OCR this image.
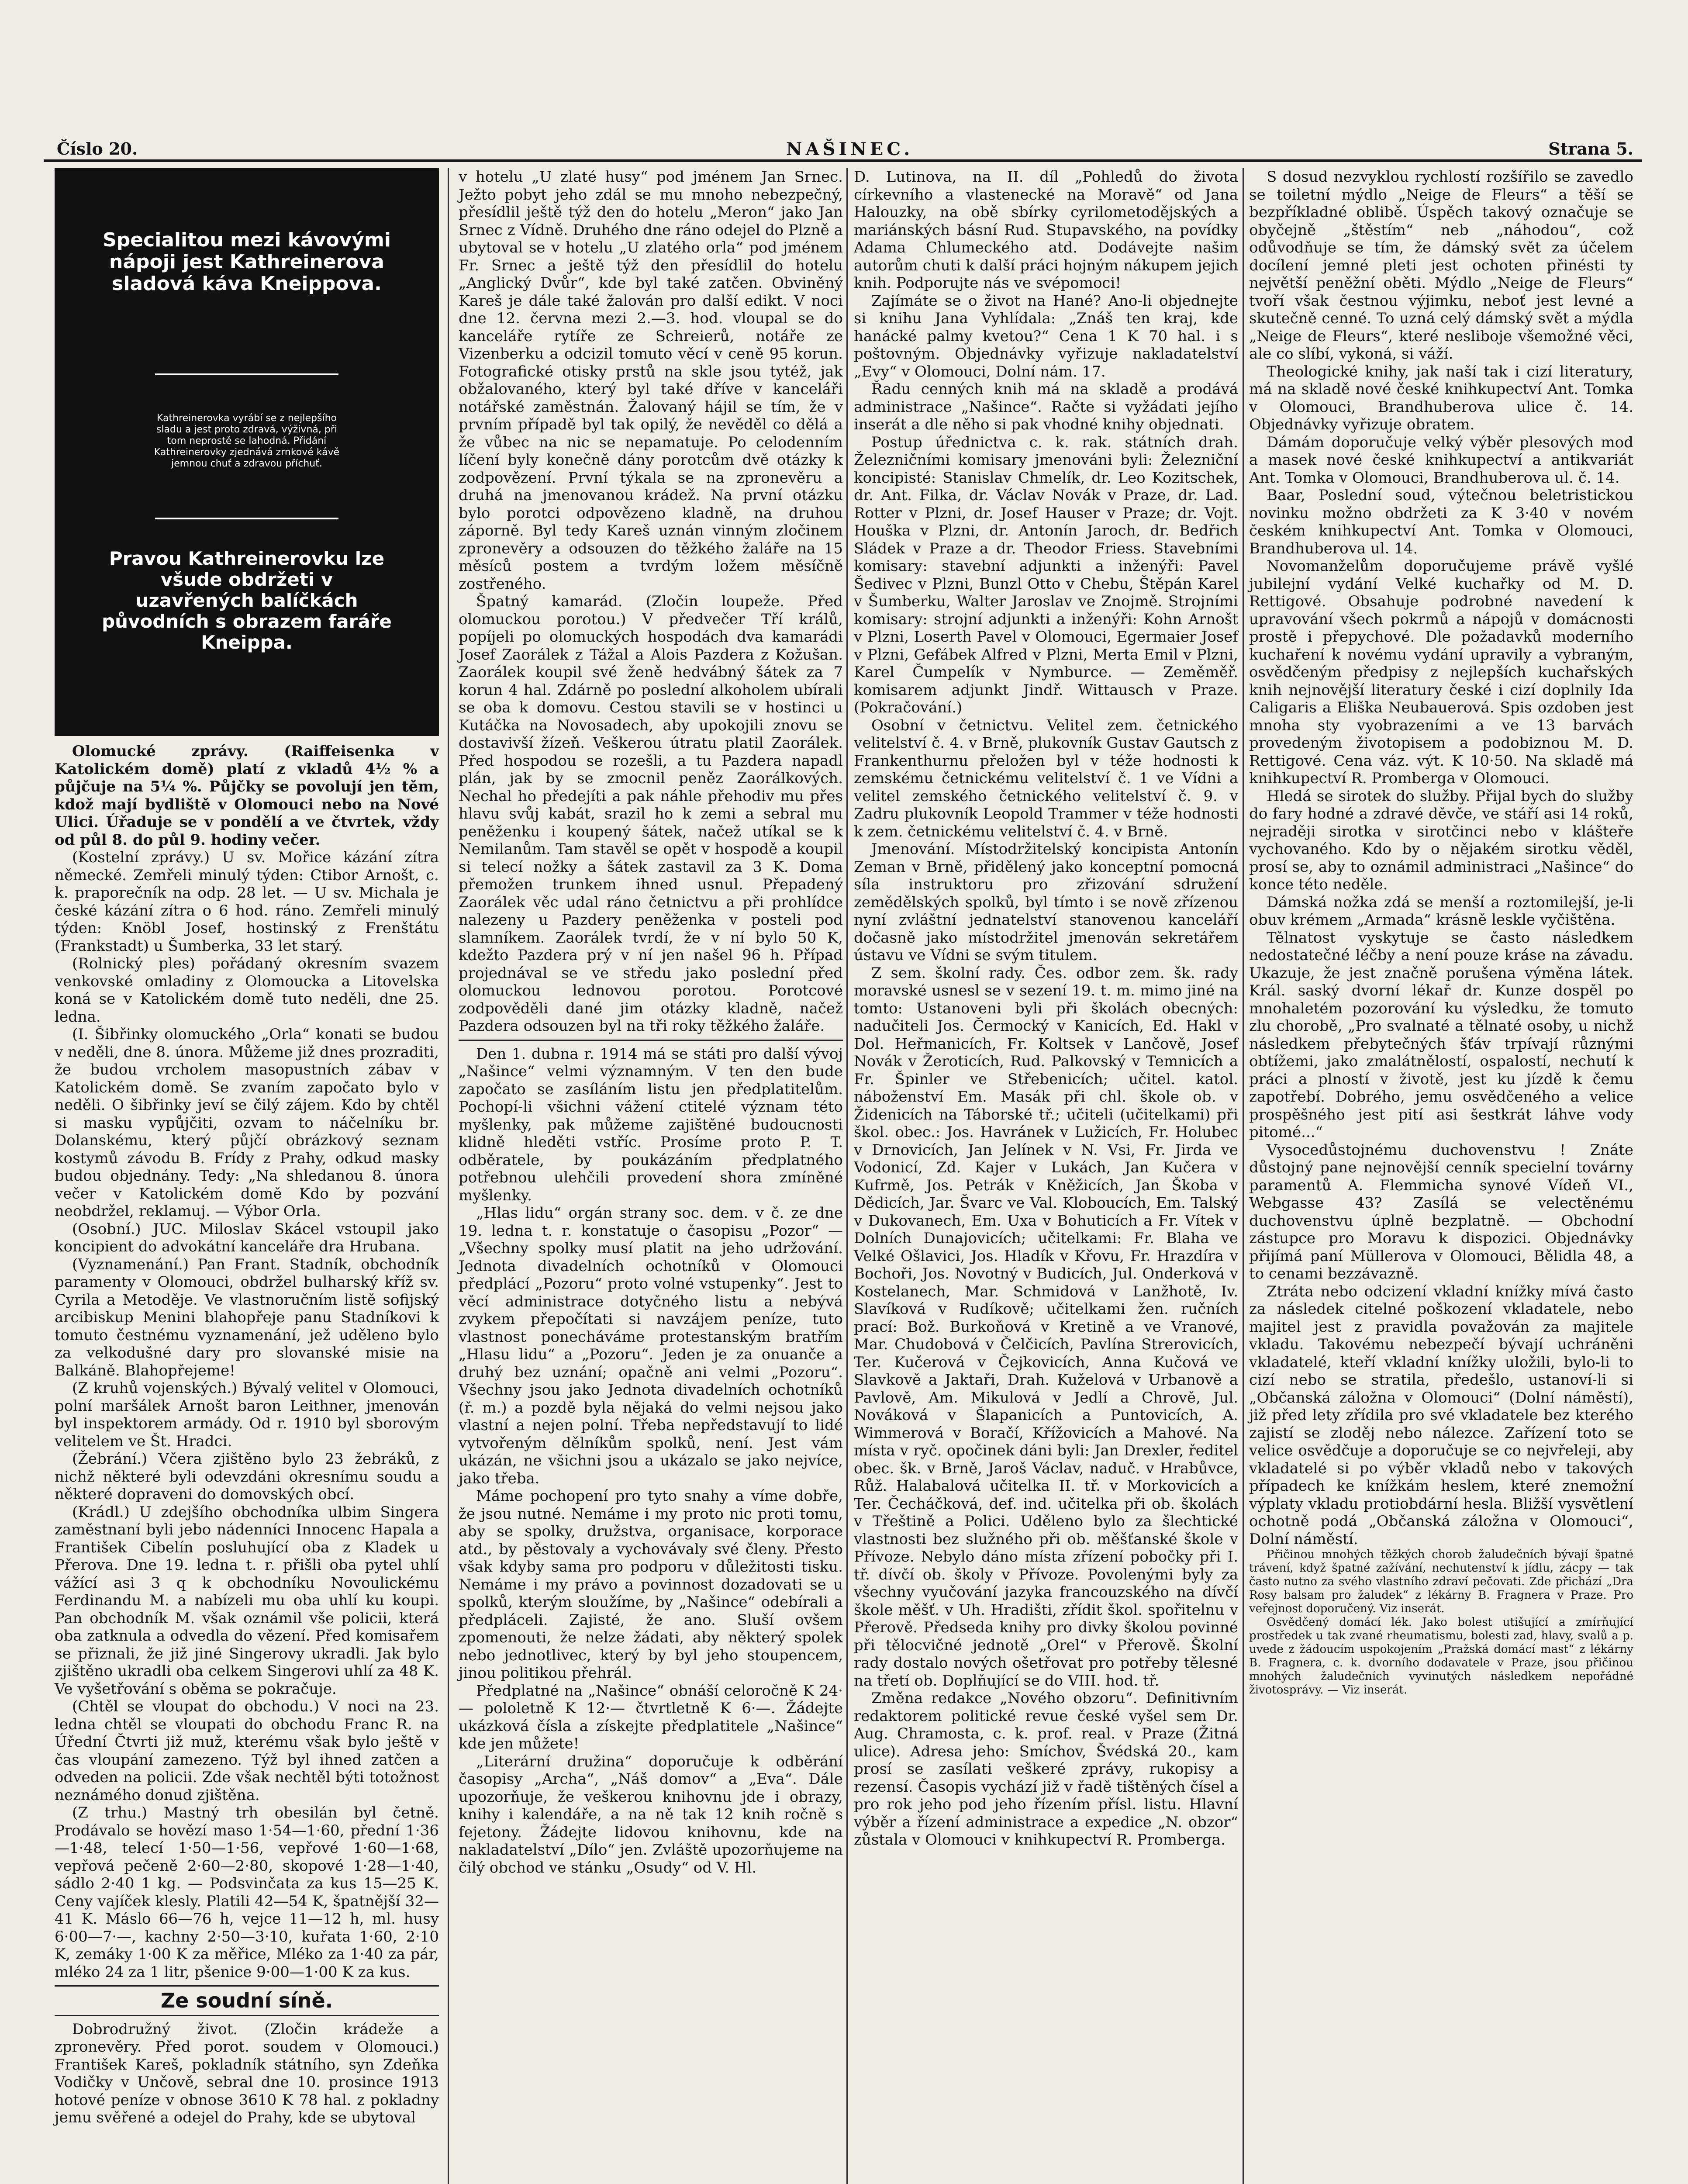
Číslo 20.	NAŠINEC.	Strana 5.
Specialitou mezi kávovými nápoji jest Kathreinerova sladová káva Kneippova.
Kathreinerovka vyrábí se z nejlepšího sladu a jest proto zdravá, výživná, při tom neprostě se lahodná. Přidání Kathreinerovky zjednává zrnkové kávě jemnou chuť a zdravou příchuť.
Pravou Kathreinerovku lze všude obdržeti v uzavřených balíčkách původních s obrazem faráře Kneippa.

Olomucké zprávy. (Raiffeisenka v Katolickém domě) platí z vkladů 4½ % a půjčuje na 5¼ %. Půjčky se povolují jen těm, kdož mají bydliště v Olomouci nebo na Nové Ulici. Úřaduje se v pondělí a ve čtvrtek, vždy od půl 8. do půl 9. hodiny večer.

(Kostelní zprávy.) U sv. Mořice kázání zítra německé. Zemřeli minulý týden: Ctibor Arnošt, c. k. praporečník na odp. 28 let. — U sv. Michala je české kázání zítra o 6 hod. ráno. Zemřeli minulý týden: Knöbl Josef, hostinský z Frenštátu (Frankstadt) u Šumberka, 33 let starý.

(Rolnický ples) pořádaný okresním svazem venkovské omladiny z Olomoucka a Litovelska koná se v Katolickém domě tuto neděli, dne 25. ledna.

(I. Šibřinky olomuckého „Orla“ konati se budou v neděli, dne 8. února. Můžeme již dnes prozraditi, že budou vrcholem masopustních zábav v Katolickém domě. Se zvaním započato bylo v neděli. O šibřinky jeví se čilý zájem. Kdo by chtěl si masku vypůjčiti, ozvam to náčelníku br. Dolanskému, který půjčí obrázkový seznam kostymů závodu B. Frídy z Prahy, odkud masky budou objednány. Tedy: „Na shledanou 8. února večer v Katolickém domě Kdo by pozvání neobdržel, reklamuj. — Výbor Orla.

(Osobní.) JUC. Miloslav Skácel vstoupil jako koncipient do advokátní kanceláře dra Hrubana.

(Vyznamenání.) Pan Frant. Stadník, obchodník paramenty v Olomouci, obdržel bulharský kříž sv. Cyrila a Metoděje. Ve vlastnoručním listě sofijský arcibiskup Menini blahopřeje panu Stadníkovi k tomuto čestnému vyznamenání, jež uděleno bylo za velkodušné dary pro slovanské misie na Balkáně. Blahopřejeme!

(Z kruhů vojenských.) Bývalý velitel v Olomouci, polní maršálek Arnošt baron Leithner, jmenován byl inspektorem armády. Od r. 1910 byl sborovým velitelem ve Št. Hradci.

(Žebrání.) Včera zjištěno bylo 23 žebráků, z nichž některé byli odevzdáni okresnímu soudu a některé dopraveni do domovských obcí.

(Krádl.) U zdejšího obchodníka ulbim Singera zaměstnaní byli jebo nádenníci Innocenc Hapala a František Cibelín posluhující oba z Kladek u Přerova. Dne 19. ledna t. r. přišli oba pytel uhlí vážící asi 3 q k obchodníku Novoulickému Ferdinandu M. a nabízeli mu oba uhlí ku koupi. Pan obchodník M. však oznámil vše policii, která oba zatknula a odvedla do vězení. Před komisařem se přiznali, že již jiné Singerovy ukradli. Jak bylo zjištěno ukradli oba celkem Singerovi uhlí za 48 K. Ve vyšetřování s oběma se pokračuje.

(Chtěl se vloupat do obchodu.) V noci na 23. ledna chtěl se vloupati do obchodu Franc R. na Úřední Čtvrti již muž, kterému však bylo ještě v čas vloupání zamezeno. Týž byl ihned zatčen a odveden na policii. Zde však nechtěl býti totožnost neznámého donud zjištěna.

(Z trhu.) Mastný trh obesilán byl četně. Prodávalo se hovězí maso 1·54—1·60, přední 1·36—1·48, telecí 1·50—1·56, vepřové 1·60—1·68, vepřová pečeně 2·60—2·80, skopové 1·28—1·40, sádlo 2·40 1 kg. — Podsvinčata za kus 15—25 K. Ceny vajíček klesly. Platili 42—54 K, špatnější 32—41 K. Máslo 66—76 h, vejce 11—12 h, ml. husy 6·00—7·—, kachny 2·50—3·10, kuřata 1·60, 2·10 K, zemáky 1·00 K za měřice, Mléko za 1·40 za pár, mléko 24 za 1 litr, pšenice 9·00—1·00 K za kus.

Ze soudní síně.

Dobrodružný život. (Zločin krádeže a zpronevěry. Před porot. soudem v Olomouci.) František Kareš, pokladník státního, syn Zdeňka Vodičky v Unčově, sebral dne 10. prosince 1913 hotové peníze v obnose 3610 K 78 hal. z pokladny jemu svěřené a odejel do Prahy, kde se ubytoval

v hotelu „U zlaté husy“ pod jménem Jan Srnec. Ježto pobyt jeho zdál se mu mnoho nebezpečný, přesídlil ještě týž den do hotelu „Meron“ jako Jan Srnec z Vídně. Druhého dne ráno odejel do Plzně a ubytoval se v hotelu „U zlatého orla“ pod jménem Fr. Srnec a ještě týž den přesídlil do hotelu „Anglický Dvůr“, kde byl také zatčen. Obviněný Kareš je dále také žalován pro další edikt. V noci dne 12. června mezi 2.—3. hod. vloupal se do kanceláře rytíře ze Schreierů, notáře ze Vizenberku a odcizil tomuto věcí v ceně 95 korun. Fotografické otisky prstů na skle jsou tytéž, jak obžalovaného, který byl také dříve v kanceláři notářské zaměstnán. Žalovaný hájil se tím, že v prvním případě byl tak opilý, že nevěděl co dělá a že vůbec na nic se nepamatuje. Po celodenním líčení byly konečně dány porotcům dvě otázky k zodpovězení. První týkala se na zpronevěru a druhá na jmenovanou krádež. Na první otázku bylo porotci odpovězeno kladně, na druhou záporně. Byl tedy Kareš uznán vinným zločinem zpronevěry a odsouzen do těžkého žaláře na 15 měsíců postem a tvrdým ložem měsíčně zostřeného.

Špatný kamarád. (Zločin loupeže. Před olomuckou porotou.) V předvečer Tří králů, popíjeli po olomuckých hospodách dva kamarádi Josef Zaorálek z Tážal a Alois Pazdera z Kožušan. Zaorálek koupil své ženě hedvábný šátek za 7 korun 4 hal. Zdárně po poslední alkoholem ubírali se oba k domovu. Cestou stavili se v hostinci u Kutáčka na Novosadech, aby upokojili znovu se dostavivší žízeň. Veškerou útratu platil Zaorálek. Před hospodou se rozešli, a tu Pazdera napadl plán, jak by se zmocnil peněz Zaorálkových. Nechal ho předejíti a pak náhle přehodiv mu přes hlavu svůj kabát, srazil ho k zemi a sebral mu peněženku i koupený šátek, načež utíkal se k Nemilanům. Tam stavěl se opět v hospodě a koupil si telecí nožky a šátek zastavil za 3 K. Doma přemožen trunkem ihned usnul. Přepadený Zaorálek věc udal ráno četnictvu a při prohlídce nalezeny u Pazdery peněženka v posteli pod slamníkem. Zaorálek tvrdí, že v ní bylo 50 K, kdežto Pazdera prý v ní jen našel 96 h. Případ projednával se ve středu jako poslední před olomuckou lednovou porotou. Porotcové zodpověděli dané jim otázky kladně, načež Pazdera odsouzen byl na tři roky těžkého žaláře.

Den 1. dubna r. 1914 má se státi pro další vývoj „Našince“ velmi významným. V ten den bude započato se zasíláním listu jen předplatitelům. Pochopí-li všichni vážení ctitelé význam této myšlenky, pak můžeme zajištěné budoucnosti klidně hleděti vstříc. Prosíme proto P. T. odběratele, by poukázáním předplatného potřebnou ulehčili provedení shora zmíněné myšlenky.

„Hlas lidu“ orgán strany soc. dem. v č. ze dne 19. ledna t. r. konstatuje o časopisu „Pozor“ — „Všechny spolky musí platit na jeho udržování. Jednota divadelních ochotníků v Olomouci předplácí „Pozoru“ proto volné vstupenky“. Jest to věcí administrace dotyčného listu a nebývá zvykem přepočítati si navzájem peníze, tuto vlastnost ponecháváme protestanským bratřím „Hlasu lidu“ a „Pozoru“. Jeden je za onuanče a druhý bez uznání; opačně ani velmi „Pozoru“. Všechny jsou jako Jednota divadelních ochotníků (ř. m.) a pozdě byla nějaká do velmi nejsou jako vlastní a nejen polní. Třeba nepředstavují to lidé vytvořeným dělníkům spolků, není. Jest vám ukázán, ne všichni jsou a ukázalo se jako nejvíce, jako třeba.

Máme pochopení pro tyto snahy a víme dobře, že jsou nutné. Nemáme i my proto nic proti tomu, aby se spolky, družstva, organisace, korporace atd., by pěstovaly a vychovávaly své členy. Přesto však kdyby sama pro podporu v důležitosti tisku. Nemáme i my právo a povinnost dozadovati se u spolků, kterým sloužíme, by „Našince“ odebírali a předpláceli. Zajisté, že ano. Sluší ovšem zpomenouti, že nelze žádati, aby některý spolek nebo jednotlivec, který by byl jeho stoupencem, jinou politikou přehrál.

Předplatné na „Našince“ obnáší celoročně K 24·— pololetně K 12·— čtvrtletně K 6·—. Žádejte ukázková čísla a získejte předplatitele „Našince“ kde jen můžete!

„Literární družina“ doporučuje k odběrání časopisy „Archa“, „Náš domov“ a „Eva“. Dále upozorňuje, že veškerou knihovnu jde i obrazy, knihy i kalendáře, a na ně tak 12 knih ročně s fejetony. Žádejte lidovou knihovnu, kde na nakladatelství „Dílo“ jen. Zvláště upozorňujeme na čilý obchod ve stánku „Osudy“ od V. Hl.

D. Lutinova, na II. díl „Pohledů do života církevního a vlastenecké na Moravě“ od Jana Halouzky, na obě sbírky cyrilometodějských a mariánských básní Rud. Stupavského, na povídky Adama Chlumeckého atd. Dodávejte našim autorům chuti k další práci hojným nákupem jejich knih. Podporujte nás ve svépomoci!

Zajímáte se o život na Hané? Ano-li objednejte si knihu Jana Vyhlídala: „Znáš ten kraj, kde hanácké palmy kvetou?“ Cena 1 K 70 hal. i s poštovným. Objednávky vyřizuje nakladatelství „Evy“ v Olomouci, Dolní nám. 17.

Řadu cenných knih má na skladě a prodává administrace „Našince“. Račte si vyžádati jejího inserát a dle něho si pak vhodné knihy objednati.

Postup úřednictva c. k. rak. státních drah. Železničními komisary jmenováni byli: Železniční koncipisté: Stanislav Chmelík, dr. Leo Kozitschek, dr. Ant. Filka, dr. Václav Novák v Praze, dr. Lad. Rotter v Plzni, dr. Josef Hauser v Praze; dr. Vojt. Houška v Plzni, dr. Antonín Jaroch, dr. Bedřich Sládek v Praze a dr. Theodor Friess. Stavebními komisary: stavební adjunkti a inženýři: Pavel Šedivec v Plzni, Bunzl Otto v Chebu, Štěpán Karel v Šumberku, Walter Jaroslav ve Znojmě. Strojními komisary: strojní adjunkti a inženýři: Kohn Arnošt v Plzni, Loserth Pavel v Olomouci, Egermaier Josef v Plzni, Gefábek Alfred v Plzni, Merta Emil v Plzni, Karel Čumpelík v Nymburce. — Zeměměř. komisarem adjunkt Jindř. Wittausch v Praze. (Pokračování.)

Osobní v četnictvu. Velitel zem. četnického velitelství č. 4. v Brně, plukovník Gustav Gautsch z Frankenthurnu přeložen byl v téže hodnosti k zemskému četnickému velitelství č. 1 ve Vídni a velitel zemského četnického velitelství č. 9. v Zadru plukovník Leopold Trammer v téže hodnosti k zem. četnickému velitelství č. 4. v Brně.

Jmenování. Místodržitelský koncipista Antonín Zeman v Brně, přidělený jako konceptní pomocná síla instruktoru pro zřizování sdružení zemědělských spolků, byl tímto i se nově zřízenou nyní zvláštní jednatelství stanovenou kanceláří dočasně jako místodržitel jmenován sekretářem ústavu ve Vídni se svým titulem.

Z sem. školní rady. Čes. odbor zem. šk. rady moravské usnesl se v sezení 19. t. m. mimo jiné na tomto: Ustanoveni byli při školách obecných: nadučiteli Jos. Čermocký v Kanicích, Ed. Hakl v Dol. Heřmanicích, Fr. Koltsek v Lančově, Josef Novák v Žeroticích, Rud. Palkovský v Temnicích a Fr. Špinler ve Střebenicích; učitel. katol. náboženství Em. Masák při chl. škole ob. v Židenicích na Táborské tř.; učiteli (učitelkami) při škol. obec.: Jos. Havránek v Lužicích, Fr. Holubec v Drnovicích, Jan Jelínek v N. Vsi, Fr. Jirda ve Vodonicí, Zd. Kajer v Lukách, Jan Kučera v Kufrmě, Jos. Petrák v Kněžicích, Jan Škoba v Dědicích, Jar. Švarc ve Val. Kloboucích, Em. Talský v Dukovanech, Em. Uxa v Bohuticích a Fr. Vítek v Dolních Dunajovicích; učitelkami: Fr. Blaha ve Velké Ošlavici, Jos. Hladík v Křovu, Fr. Hrazdíra v Bochoři, Jos. Novotný v Budicích, Jul. Onderková v Kostelanech, Mar. Schmidová v Lanžhotě, Iv. Slavíková v Rudíkově; učitelkami žen. ručních prací: Bož. Burkoňová v Kretině a ve Vranové, Mar. Chudobová v Čelčicích, Pavlína Strerovicích, Ter. Kučerová v Čejkovicích, Anna Kučová ve Slavkově a Jaktaři, Drah. Kuželová v Urbanově a Pavlově, Am. Mikulová v Jedlí a Chrově, Jul. Nováková v Šlapanicích a Puntovicích, A. Wimmerová v Boračí, Křížovicích a Mahové. Na místa v ryč. opočinek dáni byli: Jan Drexler, ředitel obec. šk. v Brně, Jaroš Václav, naduč. v Hrabůvce, Růž. Halabalová učitelka II. tř. v Morkovicích a Ter. Čecháčková, def. ind. učitelka při ob. školách v Třeštině a Polici. Uděleno bylo za šlechtické vlastnosti bez služného při ob. měšťanské škole v Přívoze. Nebylo dáno místa zřízení pobočky při I. tř. dívčí ob. školy v Přívoze. Povolenými byly za všechny vyučování jazyka francouzského na dívčí škole měšť. v Uh. Hradišti, zřídit škol. spořitelnu v Přerově. Předseda knihy pro divky školou povinné při tělocvičné jednotě „Orel“ v Přerově. Školní rady dostalo nových ošetřovat pro potřeby tělesné na třetí ob. Doplňující se do VIII. hod. tř.

Změna redakce „Nového obzoru“. Definitivním redaktorem politické revue české vyšel sem Dr. Aug. Chramosta, c. k. prof. real. v Praze (Žitná ulice). Adresa jeho: Smíchov, Švédská 20., kam prosí se zasílati veškeré zprávy, rukopisy a rezensí. Časopis vychází již v řadě tištěných čísel a pro rok jeho pod jeho řízením přísl. listu. Hlavní výběr a řízení administrace a expedice „N. obzor“ zůstala v Olomouci v knihkupectví R. Promberga.

S dosud nezvyklou rychlostí rozšířilo se zavedlo se toiletní mýdlo „Neige de Fleurs“ a těší se bezpříkladné oblibě. Úspěch takový označuje se obyčejně „štěstím“ neb „náhodou“, což odůvodňuje se tím, že dámský svět za účelem docílení jemné pleti jest ochoten přinésti ty největší peněžní oběti. Mýdlo „Neige de Fleurs“ tvoří však čestnou výjimku, neboť jest levné a skutečně cenné. To uzná celý dámský svět a mýdla „Neige de Fleurs“, které nesliboje všemožné věci, ale co slíbí, vykoná, si váží.

Theologické knihy, jak naší tak i cizí literatury, má na skladě nové české knihkupectví Ant. Tomka v Olomouci, Brandhuberova ulice č. 14. Objednávky vyřizuje obratem.

Dámám doporučuje velký výběr plesových mod a masek nové české knihkupectví a antikvariát Ant. Tomka v Olomouci, Brandhuberova ul. č. 14.

Baar, Poslední soud, výtečnou beletristickou novinku možno obdržeti za K 3·40 v novém českém knihkupectví Ant. Tomka v Olomouci, Brandhuberova ul. 14.

Novomanželům doporučujeme právě vyšlé jubilejní vydání Velké kuchařky od M. D. Rettigové. Obsahuje podrobné navedení k upravování všech pokrmů a nápojů v domácnosti prostě i přepychové. Dle požadavků moderního kuchaření k novému vydání upravily a vybraným, osvědčeným předpisy z nejlepších kuchařských knih nejnovější literatury české i cizí doplnily Ida Caligaris a Eliška Neubauerová. Spis ozdoben jest mnoha sty vyobrazeními a ve 13 barvách provedeným životopisem a podobiznou M. D. Rettigové. Cena váz. výt. K 10·50. Na skladě má knihkupectví R. Promberga v Olomouci.

Hledá se sirotek do služby. Přijal bych do služby do fary hodné a zdravé děvče, ve stáří asi 14 roků, nejraději sirotka v sirotčinci nebo v klášteře vychovaného. Kdo by o nějakém sirotku věděl, prosí se, aby to oznámil administraci „Našince“ do konce této neděle.

Dámská nožka zdá se menší a roztomilejší, je-li obuv krémem „Armada“ krásně leskle vyčištěna.

Tělnatost vyskytuje se často následkem nedostatečné léčby a není pouze kráse na závadu. Ukazuje, že jest značně porušena výměna látek. Král. saský dvorní lékař dr. Kunze dospěl po mnohaletém pozorování ku výsledku, že tomuto zlu chorobě, „Pro svalnaté a tělnaté osoby, u nichž následkem přebytečných šťáv trpívají různými obtížemi, jako zmalátnělostí, ospalostí, nechutí k práci a plností v životě, jest ku jízdě k čemu zapotřebí. Dobrého, jemu osvědčeného a velice prospěšného jest pití asi šestkrát láhve vody pitomé...“

Vysocedůstojnému duchovenstvu ! Znáte důstojný pane nejnovější cenník specielní továrny paramentů A. Flemmicha synové Vídeň VI., Webgasse 43? Zasílá se velectěnému duchovenstvu úplně bezplatně. — Obchodní zástupce pro Moravu k dispozici. Objednávky přijímá paní Müllerova v Olomouci, Bělidla 48, a to cenami bezzávazně.

Ztráta nebo odcizení vkladní knížky mívá často za následek citelné poškození vkladatele, nebo majitel jest z pravidla považován za majitele vkladu. Takovému nebezpečí bývají uchráněni vkladatelé, kteří vkladní knížky uložili, bylo-li to cizí nebo se stratila, předešlo, ustanoví-li si „Občanská záložna v Olomouci“ (Dolní náměstí), již před lety zřídila pro své vkladatele bez kterého zajistí se zloděj nebo nálezce. Zařízení toto se velice osvědčuje a doporučuje se co nejvřeleji, aby vkladatelé si po výběr vkladů nebo v takových případech ke knížkám heslem, které znemožní výplaty vkladu protiobdární hesla. Bližší vysvětlení ochotně podá „Občanská záložna v Olomouci“, Dolní náměstí.

Přičinou mnohých těžkých chorob žaludečních bývají špatné trávení, když špatné zažívání, nechutenství k jídlu, zácpy — tak často nutno za svého vlastního zdraví pečovati. Zde přichází „Dra Rosy balsam pro žaludek“ z lékárny B. Fragnera v Praze. Pro veřejnost doporučený. Viz inserát.

Osvědčený domácí lék. Jako bolest utišující a zmírňující prostředek u tak zvané rheumatismu, bolesti zad, hlavy, svalů a p. uvede z žádoucím uspokojením „Pražská domácí mast“ z lékárny B. Fragnera, c. k. dvorního dodavatele v Praze, jsou přičinou mnohých žaludečních vyvinutých následkem nepořádné životosprávy. — Viz inserát.
